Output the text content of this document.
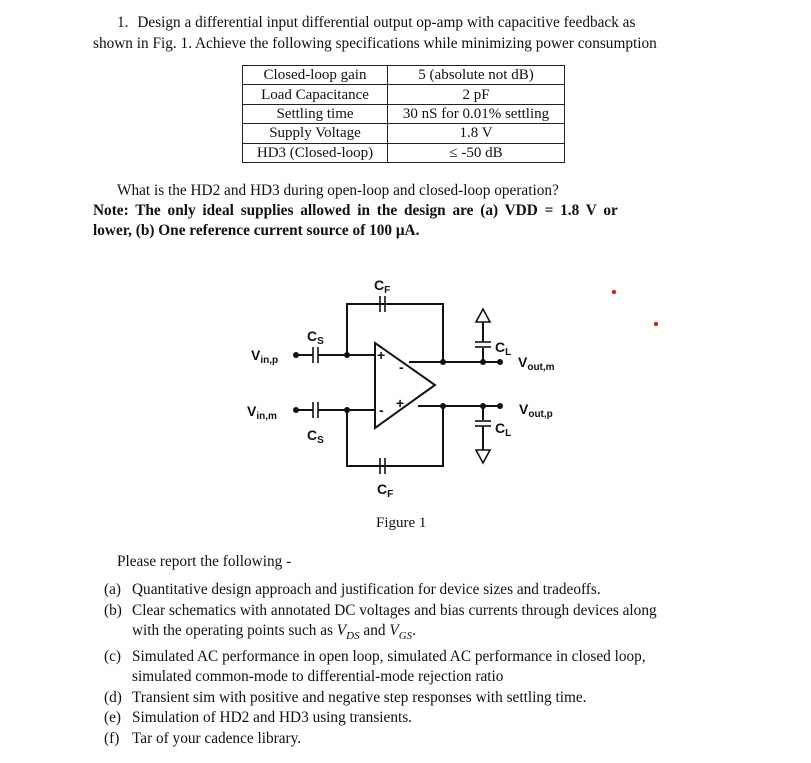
1. Design a differential input differential output op-amp with capacitive feedback as
shown in Fig. 1. Achieve the following specifications while minimizing power consumption
Closed-loop gain	5 (absolute not dB)
Load Capacitance	2 pF
Settling time	30 nS for 0.01% settling
Supply Voltage	1.8 V
HD3 (Closed-loop)	≤ -50 dB
What is the HD2 and HD3 during open-loop and closed-loop operation?
Note: The only ideal supplies allowed in the design are (a) VDD = 1.8 V or
lower, (b) One reference current source of 100 μA.
+
-
- +
$C_F$
$C_F$
$C_S$
$C_S$
$C_L$
$C_L$
$V_{in,p}$
$V_{in,m}$
$V_{out,m}$
$V_{out,p}$
Figure 1
Please report the following -
(a) Quantitative design approach and justification for device sizes and tradeoffs.
(b) Clear schematics with annotated DC voltages and bias currents through devices along
with the operating points such as $V_{DS}$ and $V_{GS}$.
(c) Simulated AC performance in open loop, simulated AC performance in closed loop,
simulated common-mode to differential-mode rejection ratio
(d) Transient sim with positive and negative step responses with settling time.
(e) Simulation of HD2 and HD3 using transients.
(f) Tar of your cadence library.
